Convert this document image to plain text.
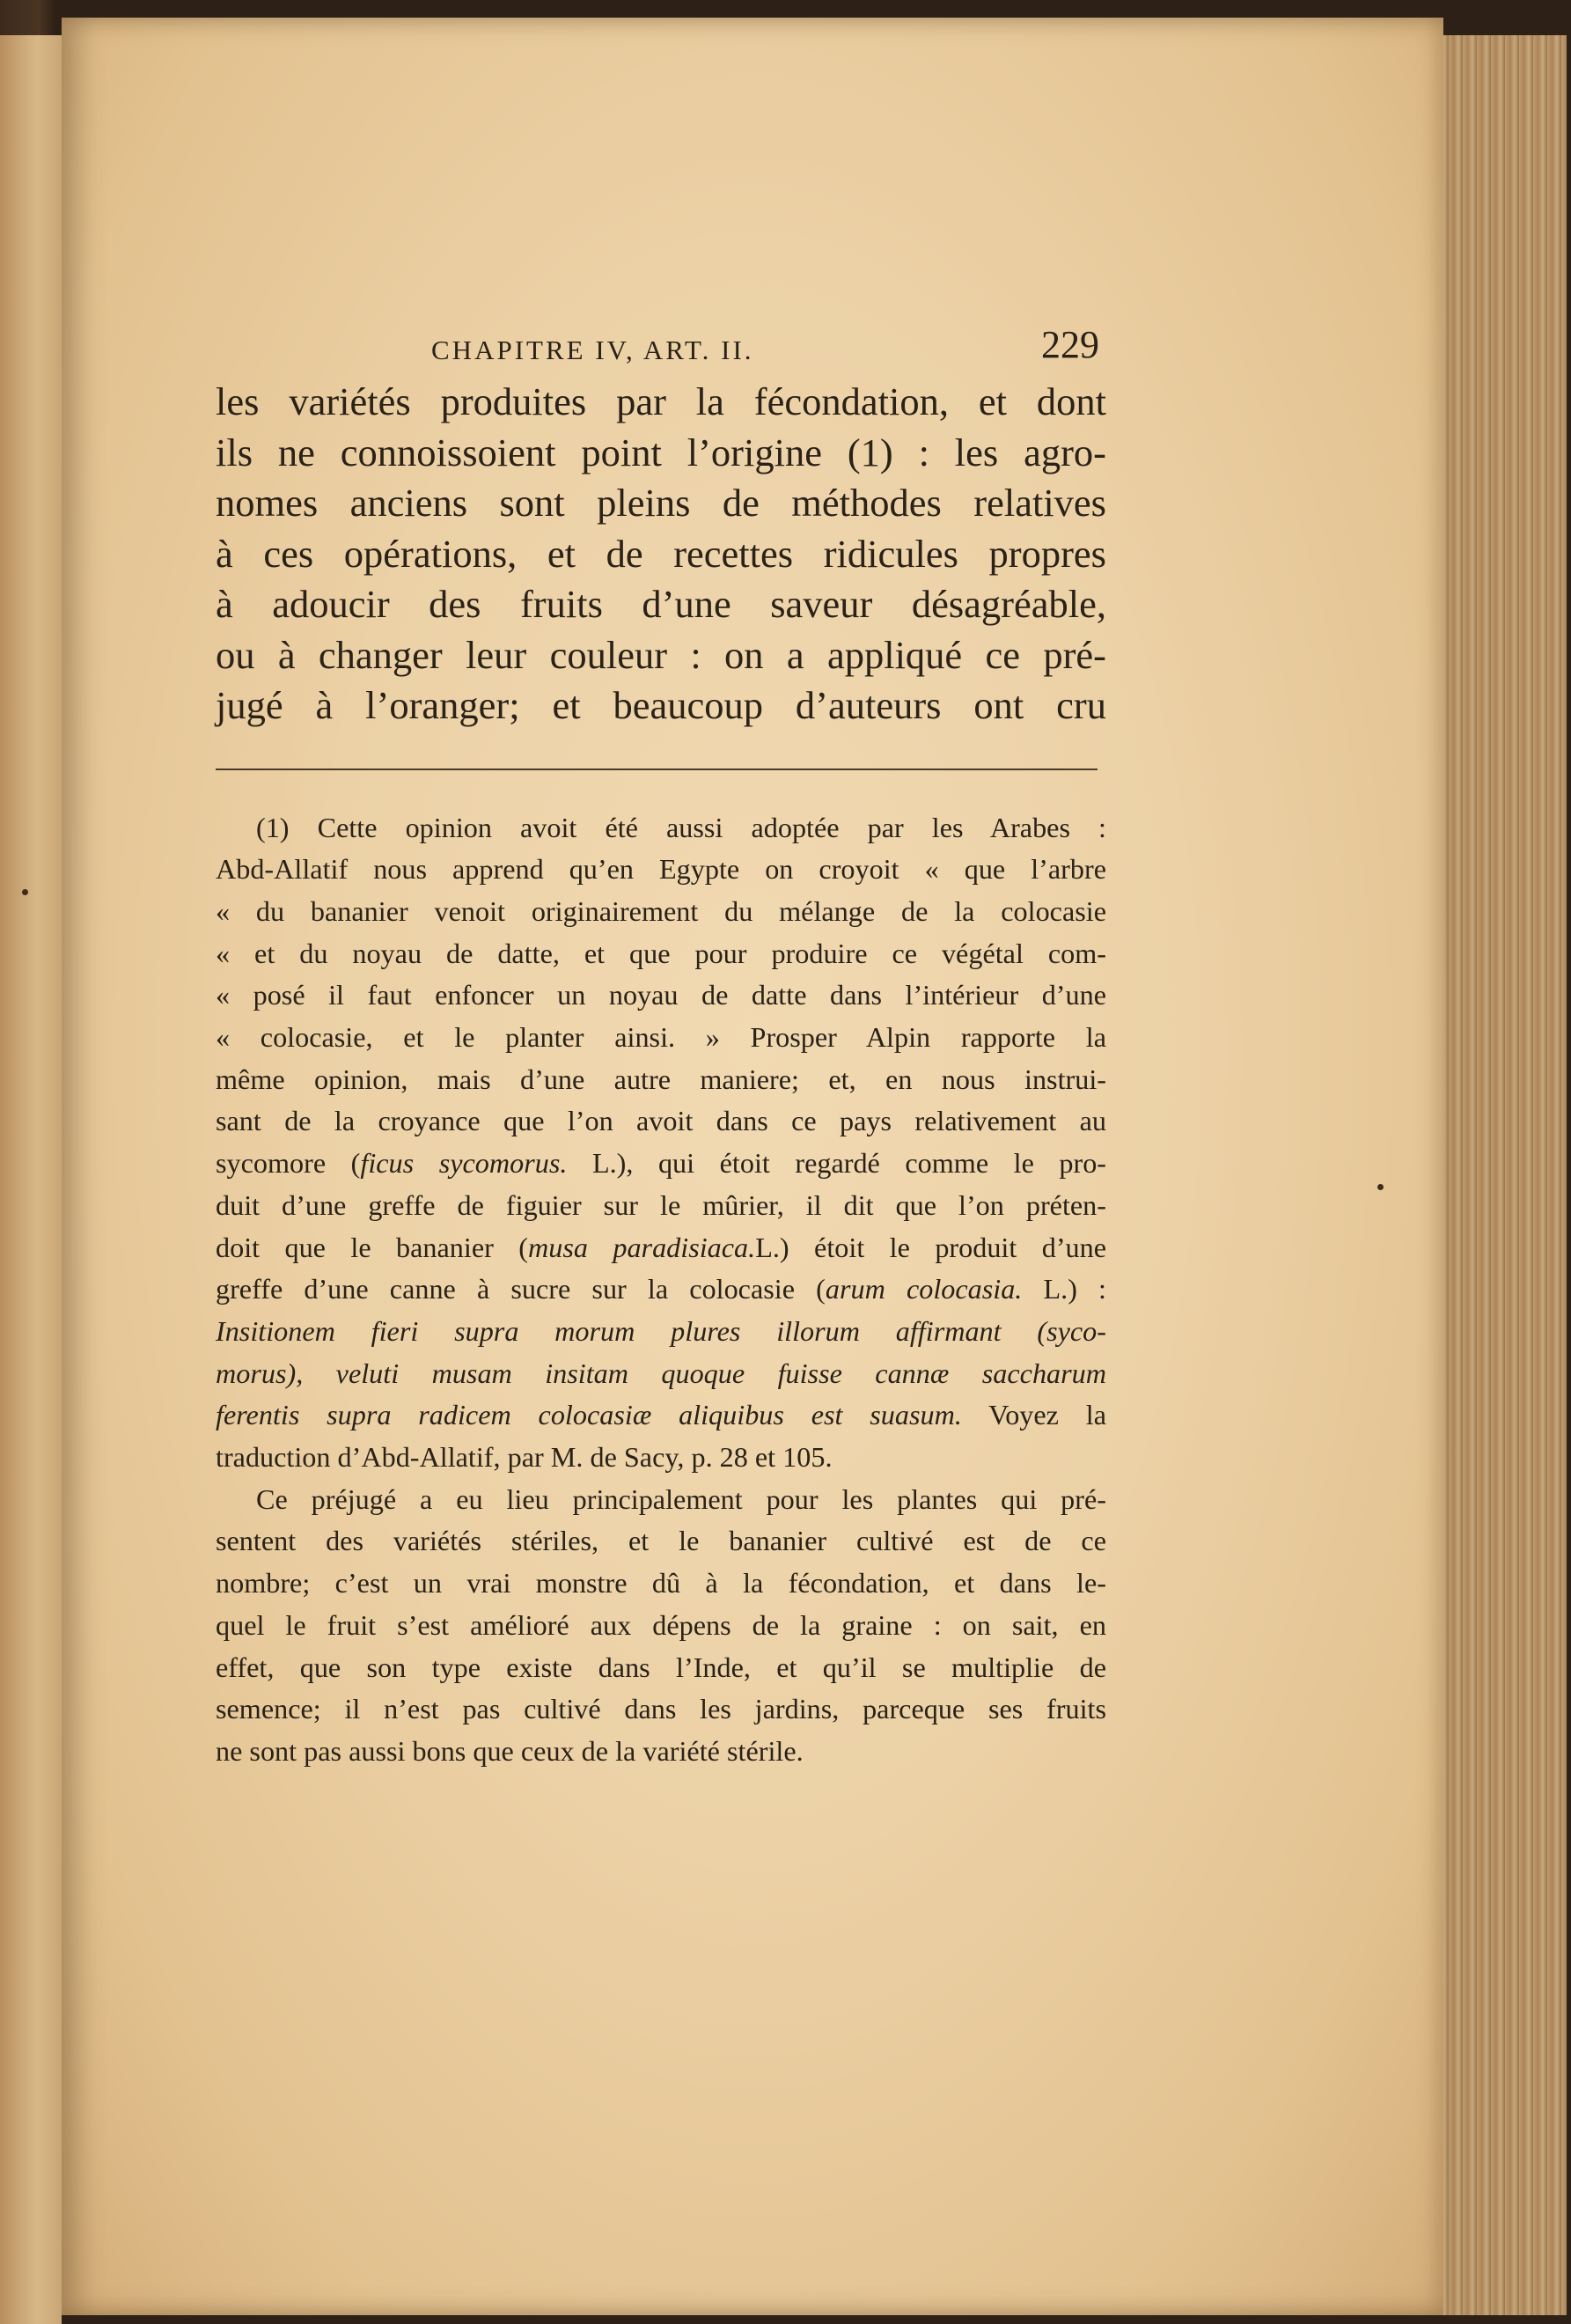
CHAPITRE IV, ART. II.	229
les variétés produites par la fécondation, et dont
ils ne connoissoient point l’origine (1) : les agro-
nomes anciens sont pleins de méthodes relatives
à ces opérations, et de recettes ridicules propres
à adoucir des fruits d’une saveur désagréable,
ou à changer leur couleur : on a appliqué ce pré-
jugé à l’oranger; et beaucoup d’auteurs ont cru
(1) Cette opinion avoit été aussi adoptée par les Arabes :
Abd-Allatif nous apprend qu’en Egypte on croyoit « que l’arbre
« du bananier venoit originairement du mélange de la colocasie
« et du noyau de datte, et que pour produire ce végétal com-
« posé il faut enfoncer un noyau de datte dans l’intérieur d’une
« colocasie, et le planter ainsi. » Prosper Alpin rapporte la
même opinion, mais d’une autre maniere; et, en nous instrui-
sant de la croyance que l’on avoit dans ce pays relativement au
sycomore (ficus sycomorus. L.), qui étoit regardé comme le pro-
duit d’une greffe de figuier sur le mûrier, il dit que l’on préten-
doit que le bananier (musa paradisiaca.L.) étoit le produit d’une
greffe d’une canne à sucre sur la colocasie (arum colocasia. L.) :
Insitionem fieri supra morum plures illorum affirmant (syco-
morus), veluti musam insitam quoque fuisse cannæ saccharum
ferentis supra radicem colocasiæ aliquibus est suasum. Voyez la
traduction d’Abd-Allatif, par M. de Sacy, p. 28 et 105.
Ce préjugé a eu lieu principalement pour les plantes qui pré-
sentent des variétés stériles, et le bananier cultivé est de ce
nombre; c’est un vrai monstre dû à la fécondation, et dans le-
quel le fruit s’est amélioré aux dépens de la graine : on sait, en
effet, que son type existe dans l’Inde, et qu’il se multiplie de
semence; il n’est pas cultivé dans les jardins, parceque ses fruits
ne sont pas aussi bons que ceux de la variété stérile.
